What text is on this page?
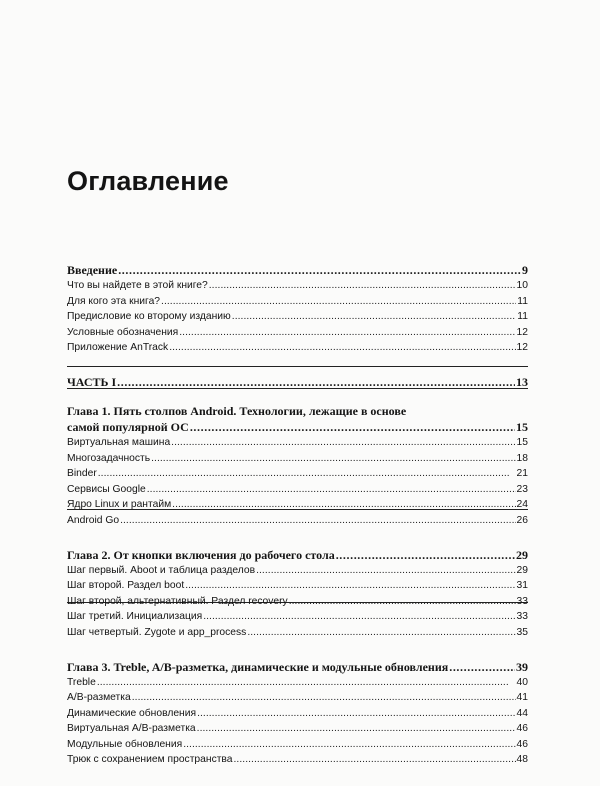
Оглавление
Введение . . .	9
Что вы найдете в этой книге? . . .	10
Для кого эта книга? . . .	11
Предисловие ко второму изданию . . .	11
Условные обозначения . . .	12
Приложение AnTrack . . .	12
ЧАСТЬ I . . .	13
Глава 1. Пять столпов Android. Технологии, лежащие в основе
самой популярной ОС . . .	15
Виртуальная машина . . .	15
Многозадачность . . .	18
Binder . . .	21
Сервисы Google . . .	23
Ядро Linux и рантайм . . .	24
Android Go . . .	26
Глава 2. От кнопки включения до рабочего стола . . .	29
Шаг первый. Aboot и таблица разделов . . .	29
Шаг второй. Раздел boot . . .	31
Шаг второй, альтернативный. Раздел recovery . . .	33
Шаг третий. Инициализация . . .	33
Шаг четвертый. Zygote и app_process . . .	35
Глава 3. Treble, A/B-разметка, динамические и модульные обновления . . .	39
Treble . . .	40
A/B-разметка . . .	41
Динамические обновления . . .	44
Виртуальная A/B-разметка . . .	46
Модульные обновления . . .	46
Трюк с сохранением пространства . . .	48
